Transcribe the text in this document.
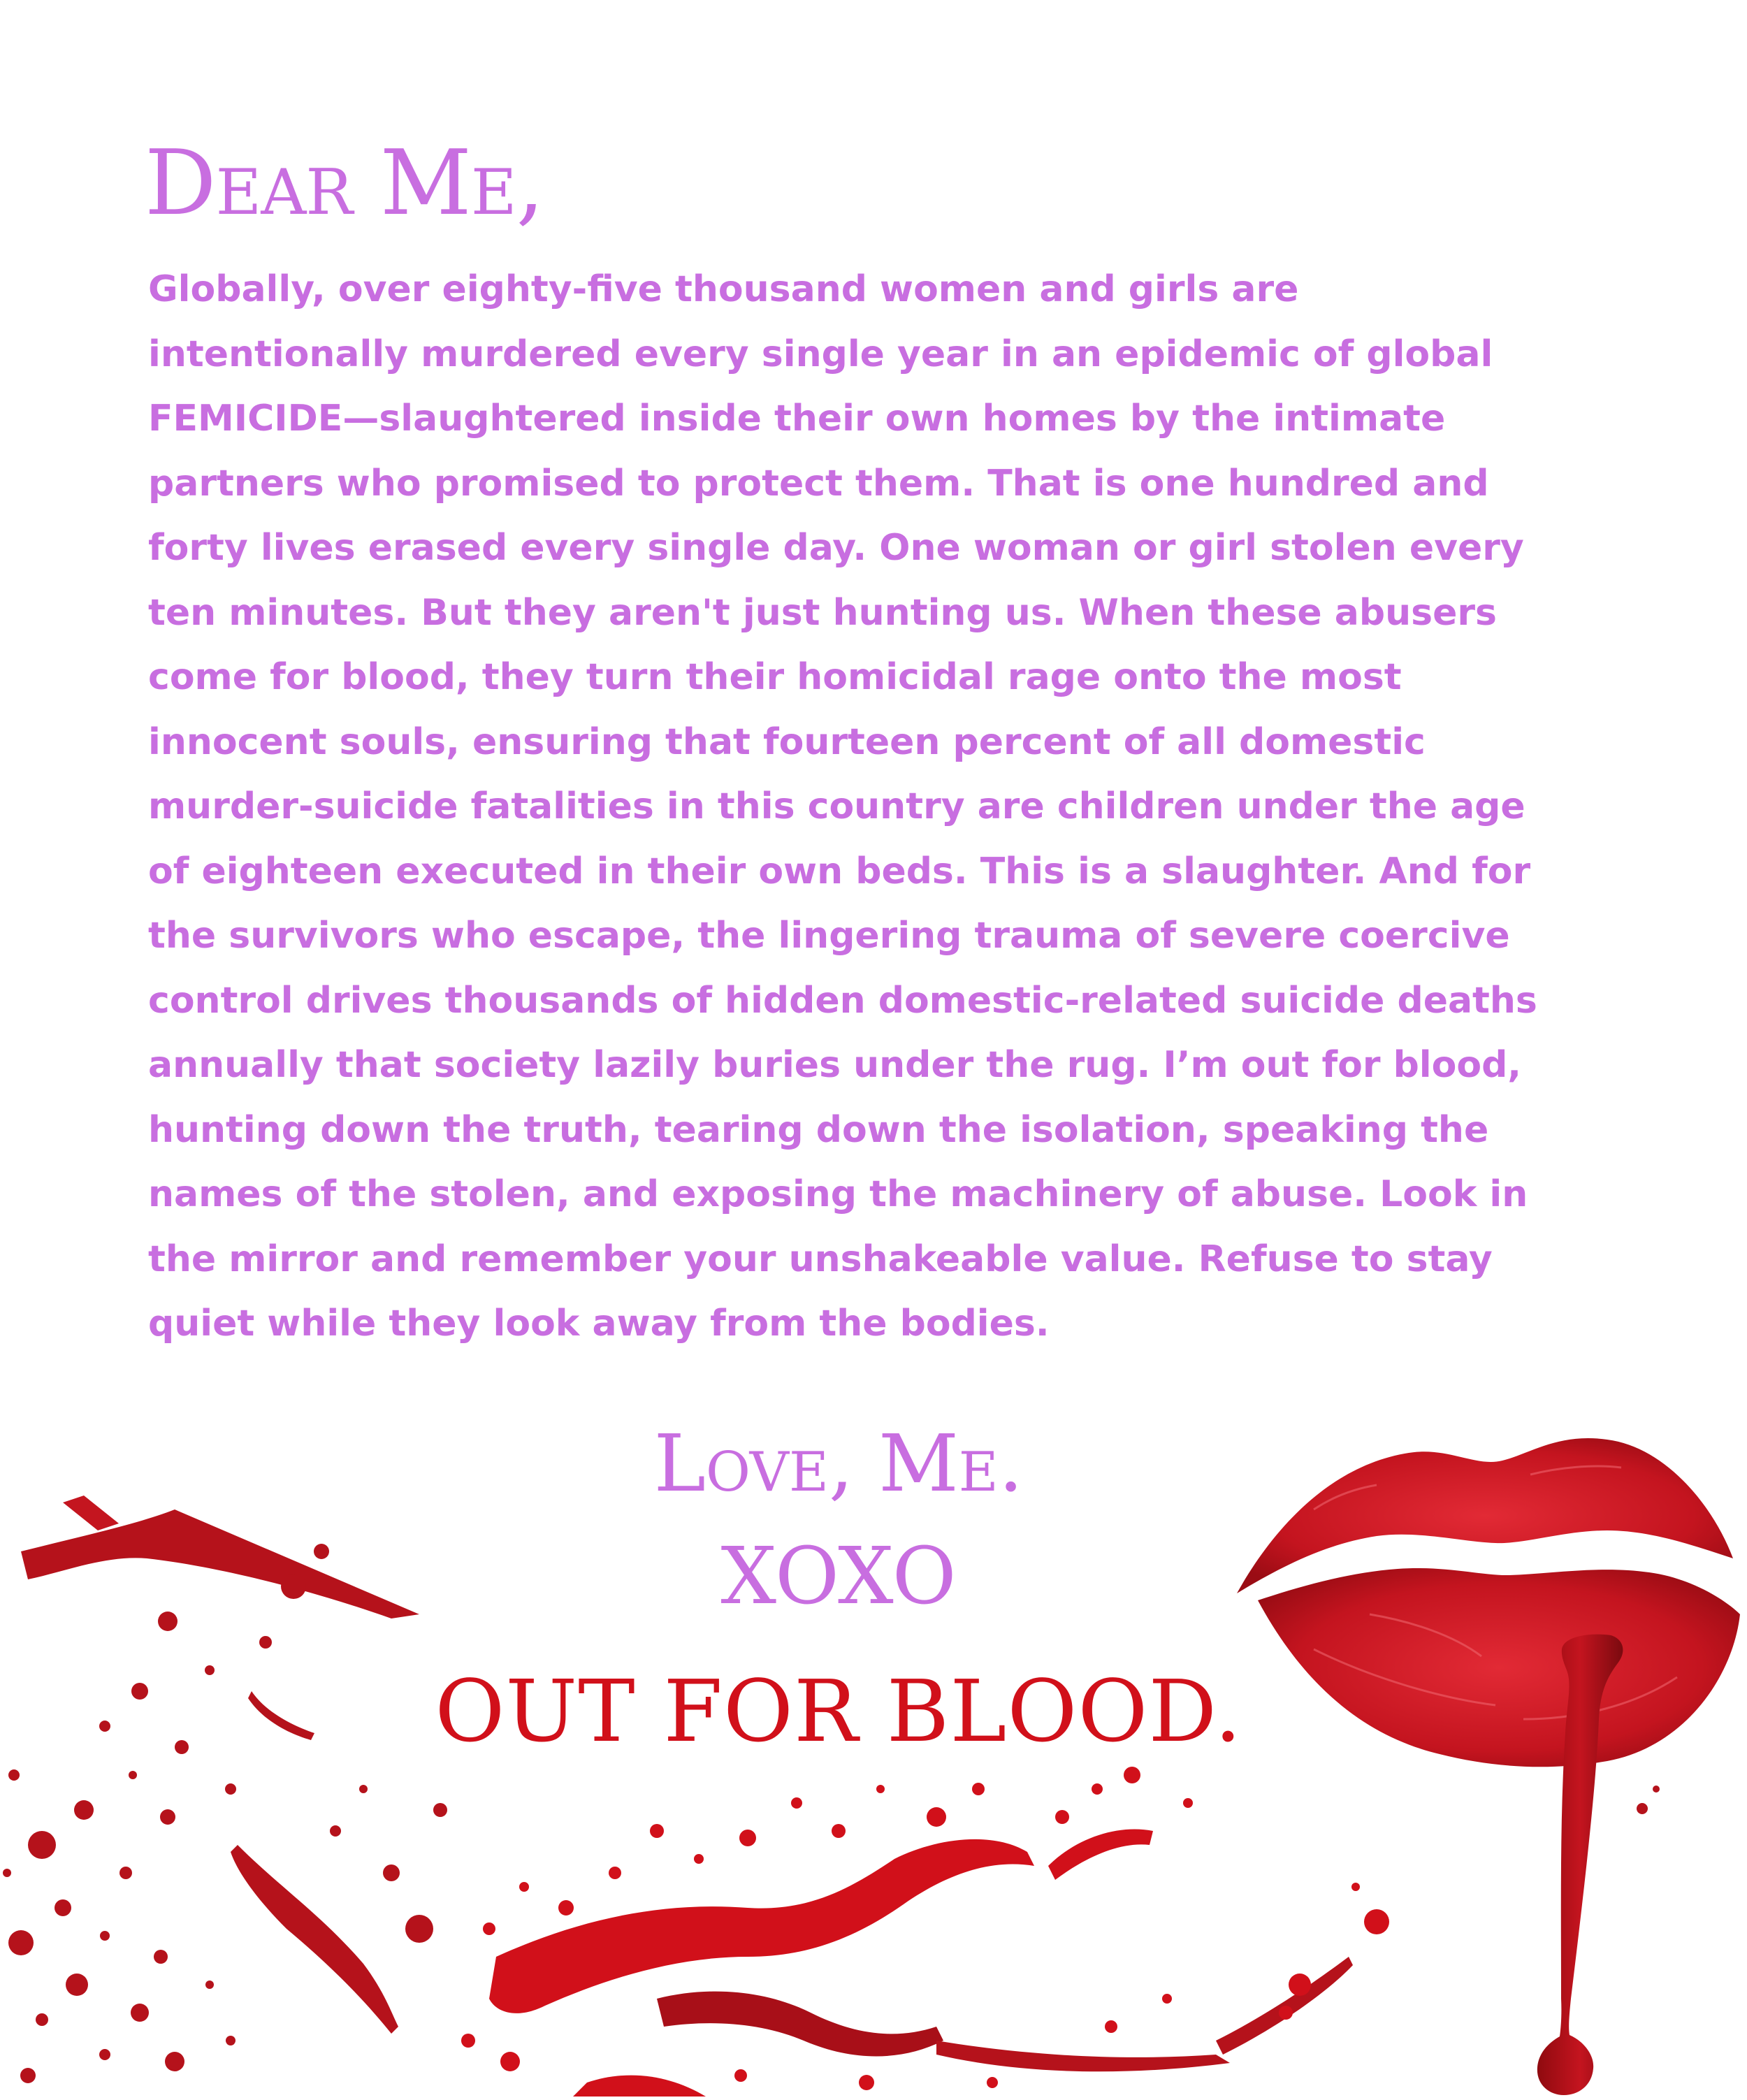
Dear Me,

Globally, over eighty-five thousand women and girls are intentionally murdered every single year in an epidemic of global FEMICIDE—slaughtered inside their own homes by the intimate partners who promised to protect them. That is one hundred and forty lives erased every single day. One woman or girl stolen every ten minutes. But they aren't just hunting us. When these abusers come for blood, they turn their homicidal rage onto the most innocent souls, ensuring that fourteen percent of all domestic murder-suicide fatalities in this country are children under the age of eighteen executed in their own beds. This is a slaughter. And for the survivors who escape, the lingering trauma of severe coercive control drives thousands of hidden domestic-related suicide deaths annually that society lazily buries under the rug. I’m out for blood, hunting down the truth, tearing down the isolation, speaking the names of the stolen, and exposing the machinery of abuse. Look in the mirror and remember your unshakeable value. Refuse to stay quiet while they look away from the bodies.

Love, Me.

XOXO

OUT FOR BLOOD.
